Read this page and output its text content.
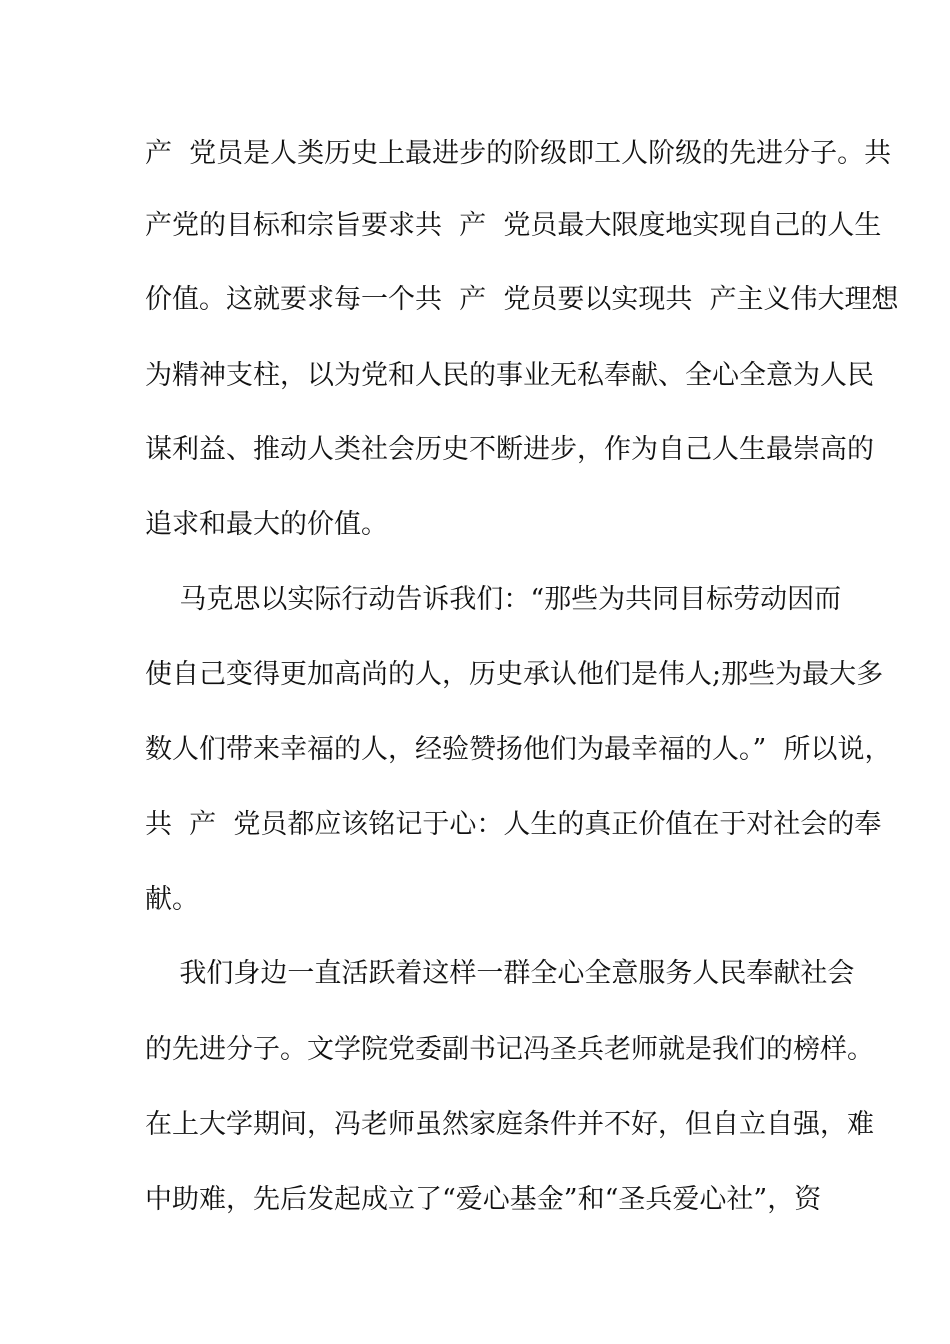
产  党员是人类历史上最进步的阶级即工人阶级的先进分子。共
产党的目标和宗旨要求共  产  党员最大限度地实现自己的人生
价值。这就要求每一个共  产  党员要以实现共  产主义伟大理想
为精神支柱，以为党和人民的事业无私奉献、全心全意为人民
谋利益、推动人类社会历史不断进步，作为自己人生最崇高的
追求和最大的价值。
马克思以实际行动告诉我们：“那些为共同目标劳动因而
使自己变得更加高尚的人，历史承认他们是伟人;那些为最大多
数人们带来幸福的人，经验赞扬他们为最幸福的人。”  所以说，
共  产  党员都应该铭记于心：人生的真正价值在于对社会的奉
献。
我们身边一直活跃着这样一群全心全意服务人民奉献社会
的先进分子。文学院党委副书记冯圣兵老师就是我们的榜样。
在上大学期间，冯老师虽然家庭条件并不好，但自立自强，难
中助难，先后发起成立了“爱心基金”和“圣兵爱心社”，资
